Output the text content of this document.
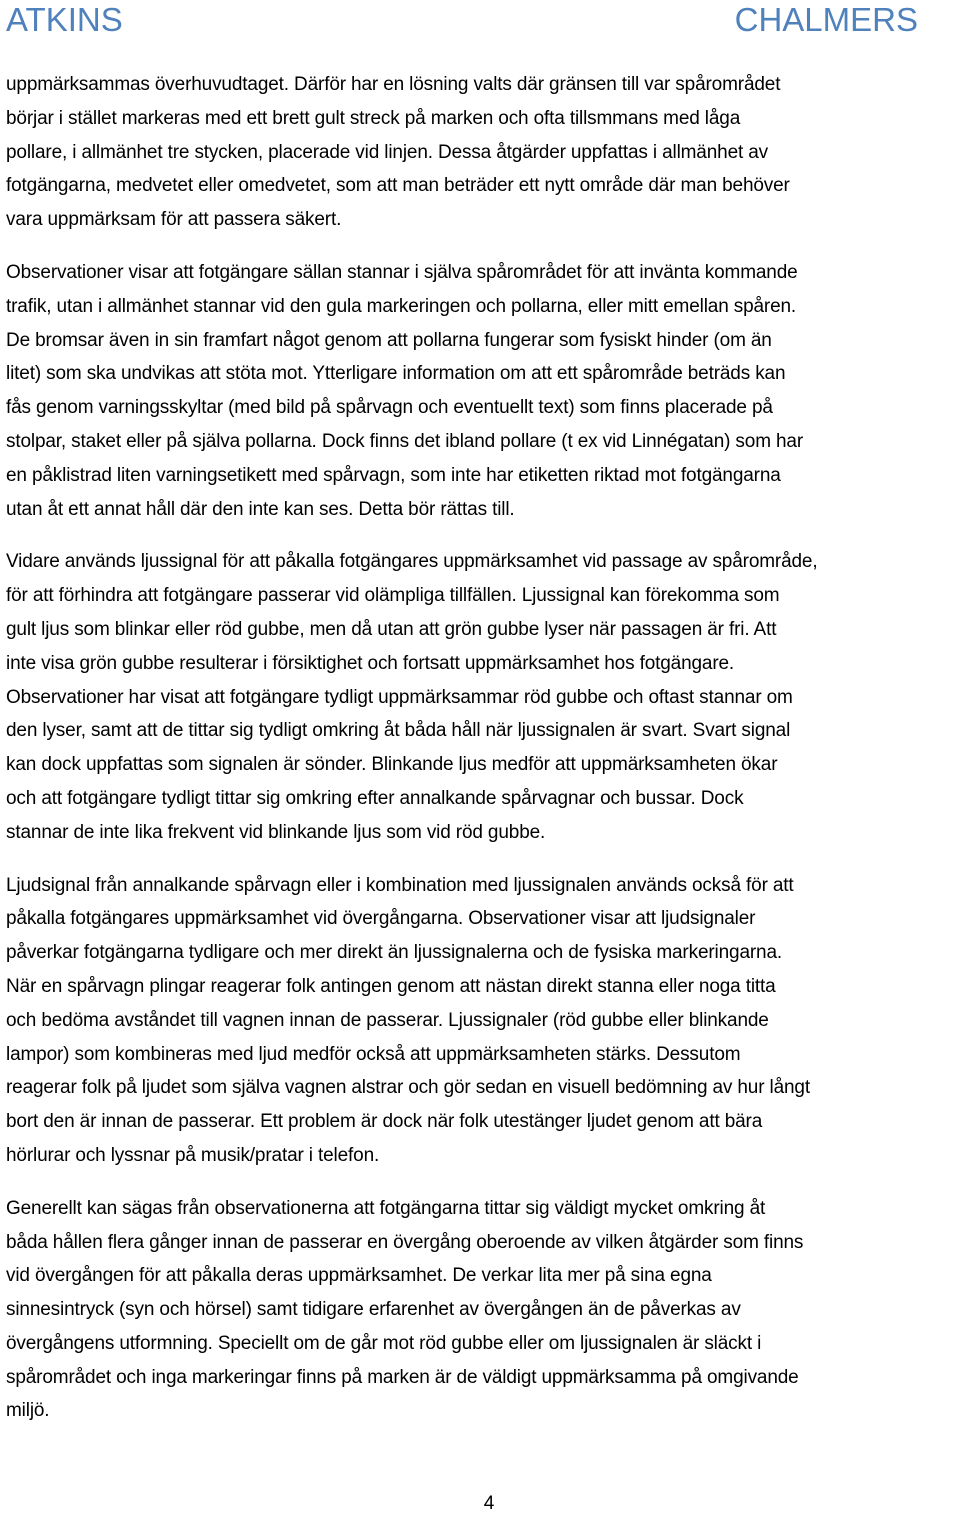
ATKINS	CHALMERS

uppmärksammas överhuvudtaget. Därför har en lösning valts där gränsen till var spårområdet
börjar i stället markeras med ett brett gult streck på marken och ofta tillsmmans med låga
pollare, i allmänhet tre stycken, placerade vid linjen. Dessa åtgärder uppfattas i allmänhet av
fotgängarna, medvetet eller omedvetet, som att man beträder ett nytt område där man behöver
vara uppmärksam för att passera säkert.

Observationer visar att fotgängare sällan stannar i själva spårområdet för att invänta kommande
trafik, utan i allmänhet stannar vid den gula markeringen och pollarna, eller mitt emellan spåren.
De bromsar även in sin framfart något genom att pollarna fungerar som fysiskt hinder (om än
litet) som ska undvikas att stöta mot. Ytterligare information om att ett spårområde beträds kan
fås genom varningsskyltar (med bild på spårvagn och eventuellt text) som finns placerade på
stolpar, staket eller på själva pollarna. Dock finns det ibland pollare (t ex vid Linnégatan) som har
en påklistrad liten varningsetikett med spårvagn, som inte har etiketten riktad mot fotgängarna
utan åt ett annat håll där den inte kan ses. Detta bör rättas till.

Vidare används ljussignal för att påkalla fotgängares uppmärksamhet vid passage av spårområde,
för att förhindra att fotgängare passerar vid olämpliga tillfällen. Ljussignal kan förekomma som
gult ljus som blinkar eller röd gubbe, men då utan att grön gubbe lyser när passagen är fri. Att
inte visa grön gubbe resulterar i försiktighet och fortsatt uppmärksamhet hos fotgängare.
Observationer har visat att fotgängare tydligt uppmärksammar röd gubbe och oftast stannar om
den lyser, samt att de tittar sig tydligt omkring åt båda håll när ljussignalen är svart. Svart signal
kan dock uppfattas som signalen är sönder. Blinkande ljus medför att uppmärksamheten ökar
och att fotgängare tydligt tittar sig omkring efter annalkande spårvagnar och bussar. Dock
stannar de inte lika frekvent vid blinkande ljus som vid röd gubbe.

Ljudsignal från annalkande spårvagn eller i kombination med ljussignalen används också för att
påkalla fotgängares uppmärksamhet vid övergångarna. Observationer visar att ljudsignaler
påverkar fotgängarna tydligare och mer direkt än ljussignalerna och de fysiska markeringarna.
När en spårvagn plingar reagerar folk antingen genom att nästan direkt stanna eller noga titta
och bedöma avståndet till vagnen innan de passerar. Ljussignaler (röd gubbe eller blinkande
lampor) som kombineras med ljud medför också att uppmärksamheten stärks. Dessutom
reagerar folk på ljudet som själva vagnen alstrar och gör sedan en visuell bedömning av hur långt
bort den är innan de passerar. Ett problem är dock när folk utestänger ljudet genom att bära
hörlurar och lyssnar på musik/pratar i telefon.

Generellt kan sägas från observationerna att fotgängarna tittar sig väldigt mycket omkring åt
båda hållen flera gånger innan de passerar en övergång oberoende av vilken åtgärder som finns
vid övergången för att påkalla deras uppmärksamhet. De verkar lita mer på sina egna
sinnesintryck (syn och hörsel) samt tidigare erfarenhet av övergången än de påverkas av
övergångens utformning. Speciellt om de går mot röd gubbe eller om ljussignalen är släckt i
spårområdet och inga markeringar finns på marken är de väldigt uppmärksamma på omgivande
miljö.

4
